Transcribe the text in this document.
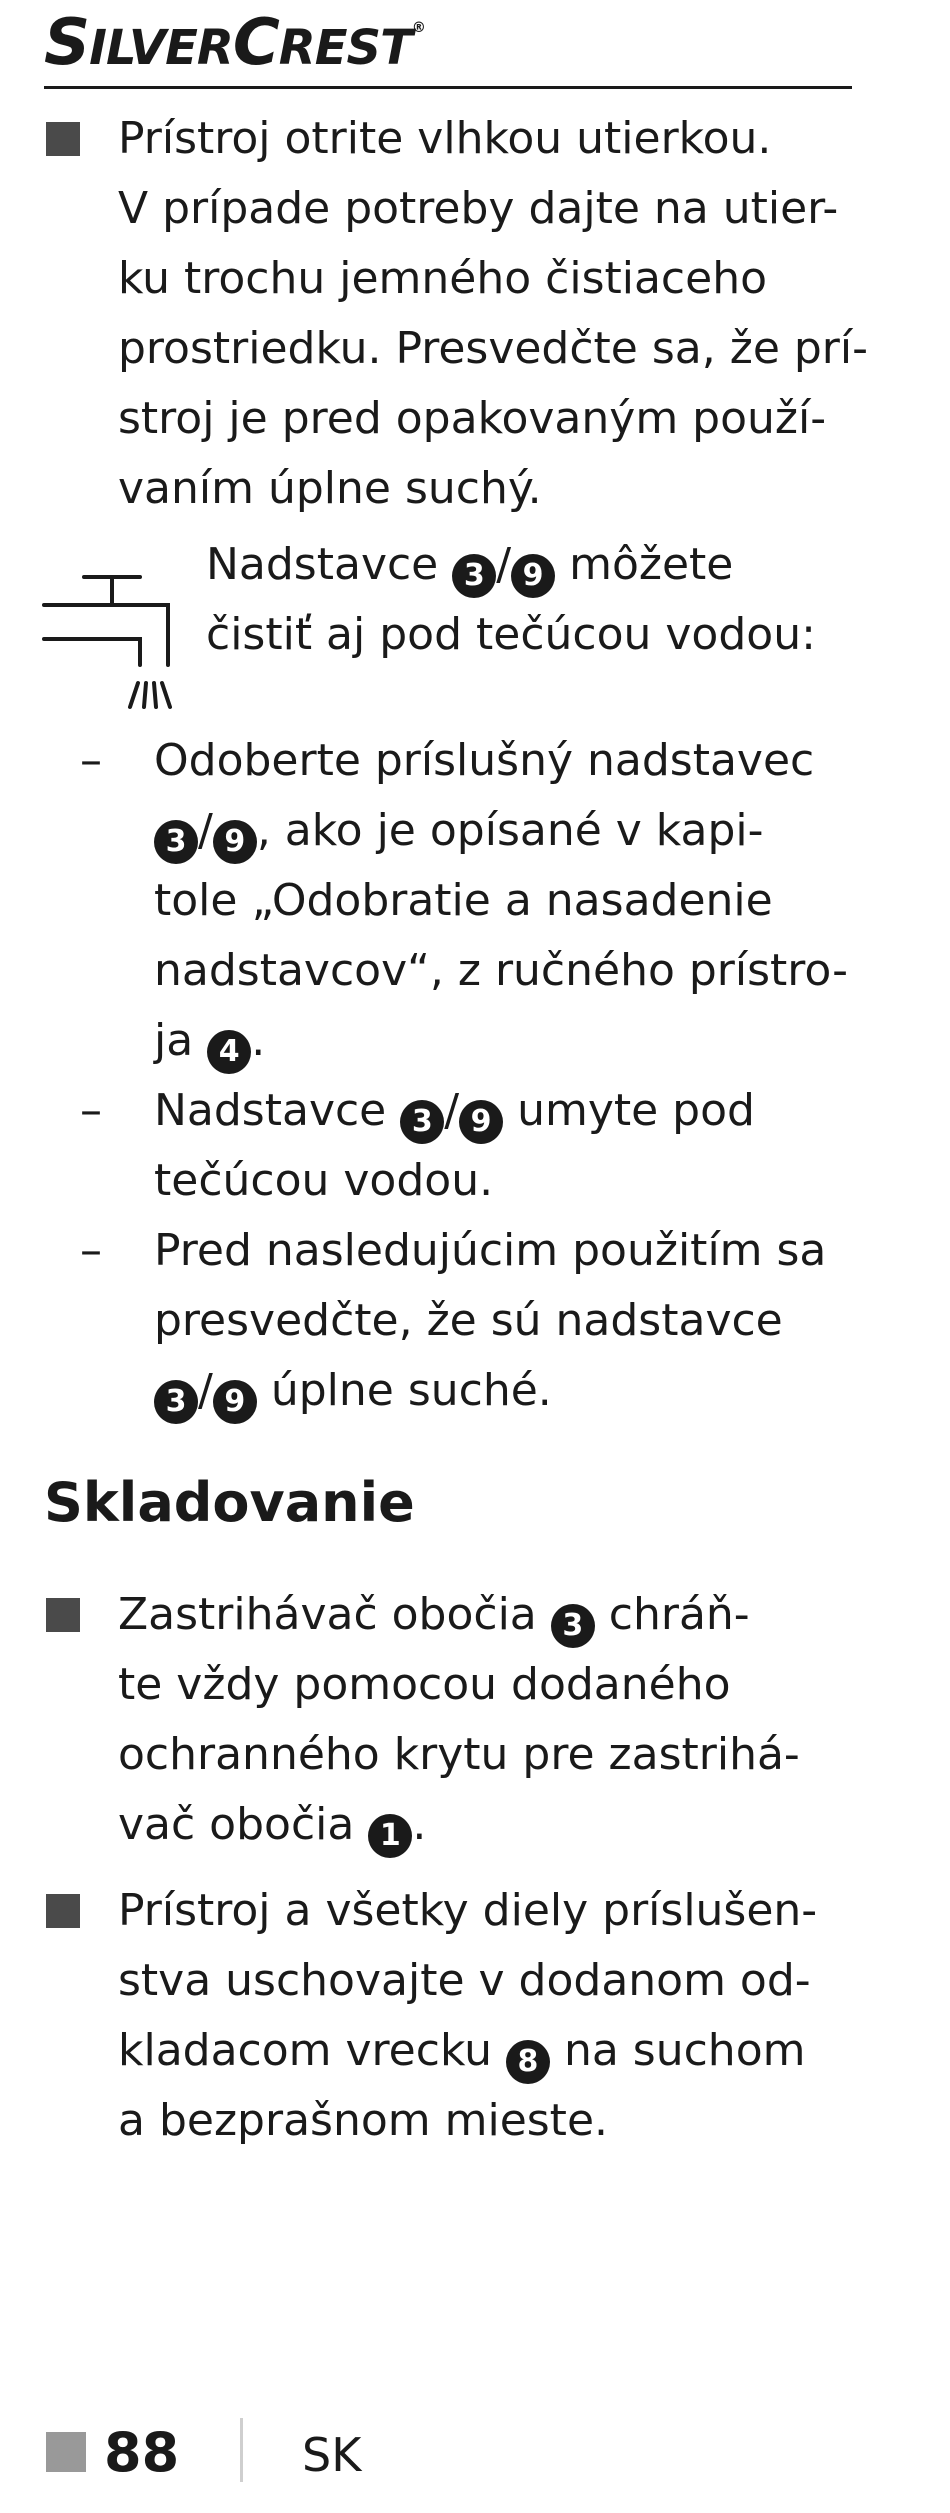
SILVERCREST®
Prístroj otrite vlhkou utierkou.
V prípade potreby dajte na utier-
ku trochu jemného čistiaceho
prostriedku. Presvedčte sa, že prí-
stroj je pred opakovaným použí-
vaním úplne suchý.
Nadstavce 3 / 9 môžete
čistiť aj pod tečúcou vodou:
– Odoberte príslušný nadstavec
3 / 9 , ako je opísané v kapi-
tole „Odobratie a nasadenie
nadstavcov“, z ručného prístro-
ja 4 .
– Nadstavce 3 / 9 umyte pod
tečúcou vodou.
– Pred nasledujúcim použitím sa
presvedčte, že sú nadstavce
3 / 9 úplne suché.
Skladovanie
Zastrihávač obočia 3 chráň-
te vždy pomocou dodaného
ochranného krytu pre zastrihá-
vač obočia 1 .
Prístroj a všetky diely príslušen-
stva uschovajte v dodanom od-
kladacom vrecku 8 na suchom
a bezprašnom mieste.
88	SK
